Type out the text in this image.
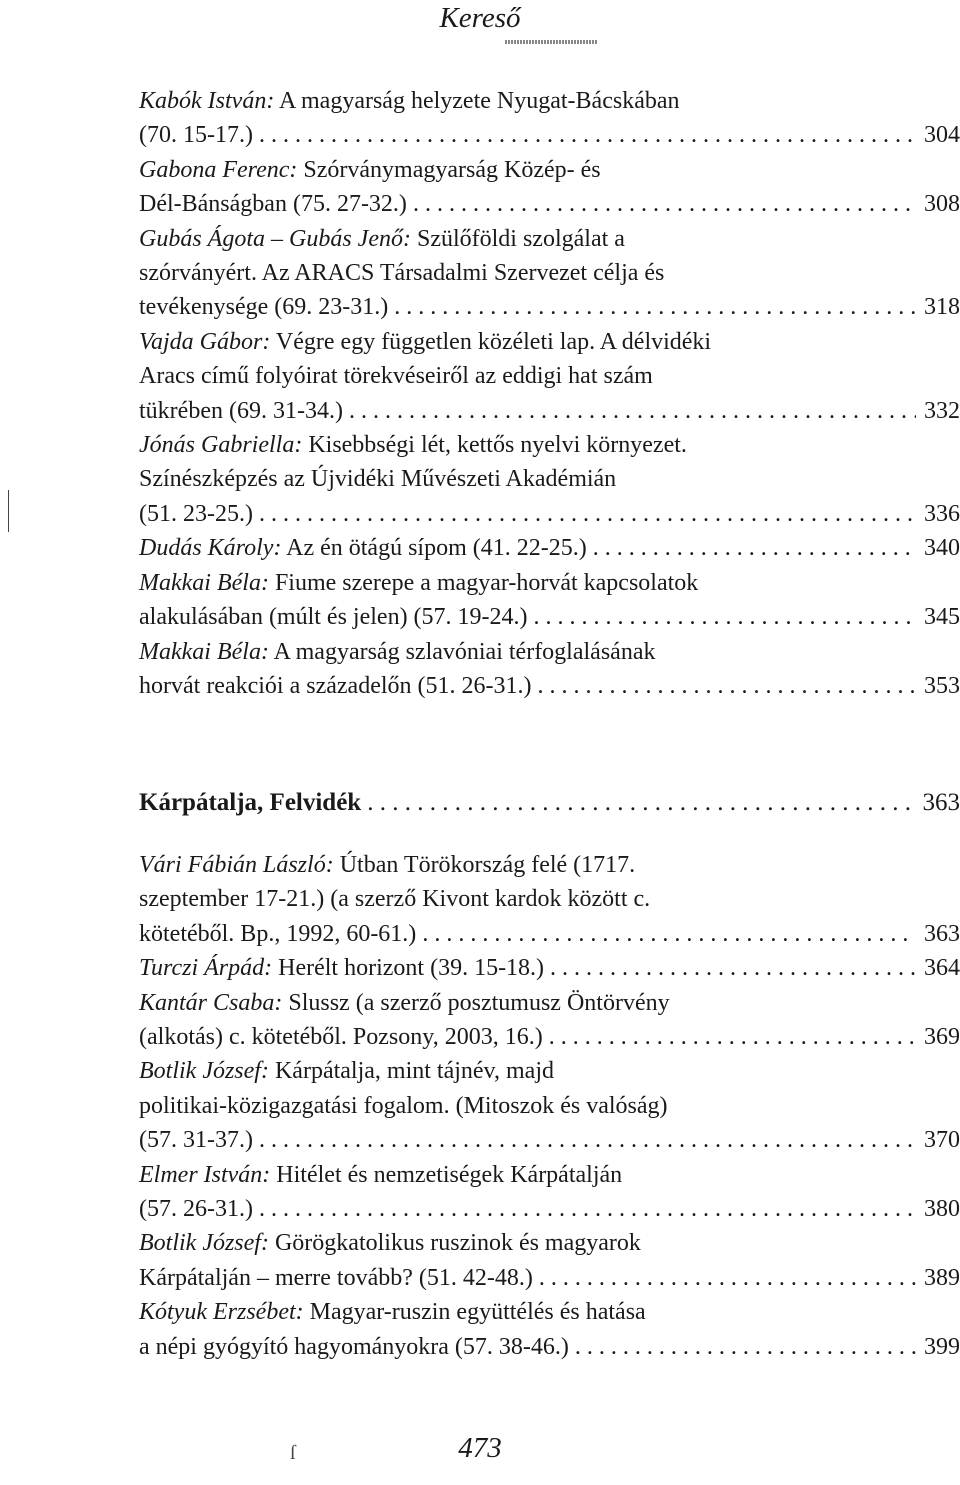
Kereső
Kabók István: A magyarság helyzete Nyugat-Bácskában
(70. 15-17.) . . .	304
Gabona Ferenc: Szórványmagyarság Közép- és
Dél-Bánságban (75. 27-32.) . . .	308
Gubás Ágota – Gubás Jenő: Szülőföldi szolgálat a
szórványért. Az ARACS Társadalmi Szervezet célja és
tevékenysége (69. 23-31.) . . .	318
Vajda Gábor: Végre egy független közéleti lap. A délvidéki
Aracs című folyóirat törekvéseiről az eddigi hat szám
tükrében (69. 31-34.) . . .	332
Jónás Gabriella: Kisebbségi lét, kettős nyelvi környezet.
Színészképzés az Újvidéki Művészeti Akadémián
(51. 23-25.) . . .	336
Dudás Károly: Az én ötágú sípom (41. 22-25.) . . .	340
Makkai Béla: Fiume szerepe a magyar-horvát kapcsolatok
alakulásában (múlt és jelen) (57. 19-24.) . . .	345
Makkai Béla: A magyarság szlavóniai térfoglalásának
horvát reakciói a századelőn (51. 26-31.) . . .	353
Kárpátalja, Felvidék . . .	363
Vári Fábián László: Útban Törökország felé (1717.
szeptember 17-21.) (a szerző Kivont kardok között c.
kötetéből. Bp., 1992, 60-61.) . . .	363
Turczi Árpád: Herélt horizont (39. 15-18.) . . .	364
Kantár Csaba: Slussz (a szerző posztumusz Öntörvény
(alkotás) c. kötetéből. Pozsony, 2003, 16.) . . .	369
Botlik József: Kárpátalja, mint tájnév, majd
politikai-közigazgatási fogalom. (Mitoszok és valóság)
(57. 31-37.) . . .	370
Elmer István: Hitélet és nemzetiségek Kárpátalján
(57. 26-31.) . . .	380
Botlik József: Görögkatolikus ruszinok és magyarok
Kárpátalján – merre tovább? (51. 42-48.) . . .	389
Kótyuk Erzsébet: Magyar-ruszin együttélés és hatása
a népi gyógyító hagyományokra (57. 38-46.) . . .	399
ſ	473
